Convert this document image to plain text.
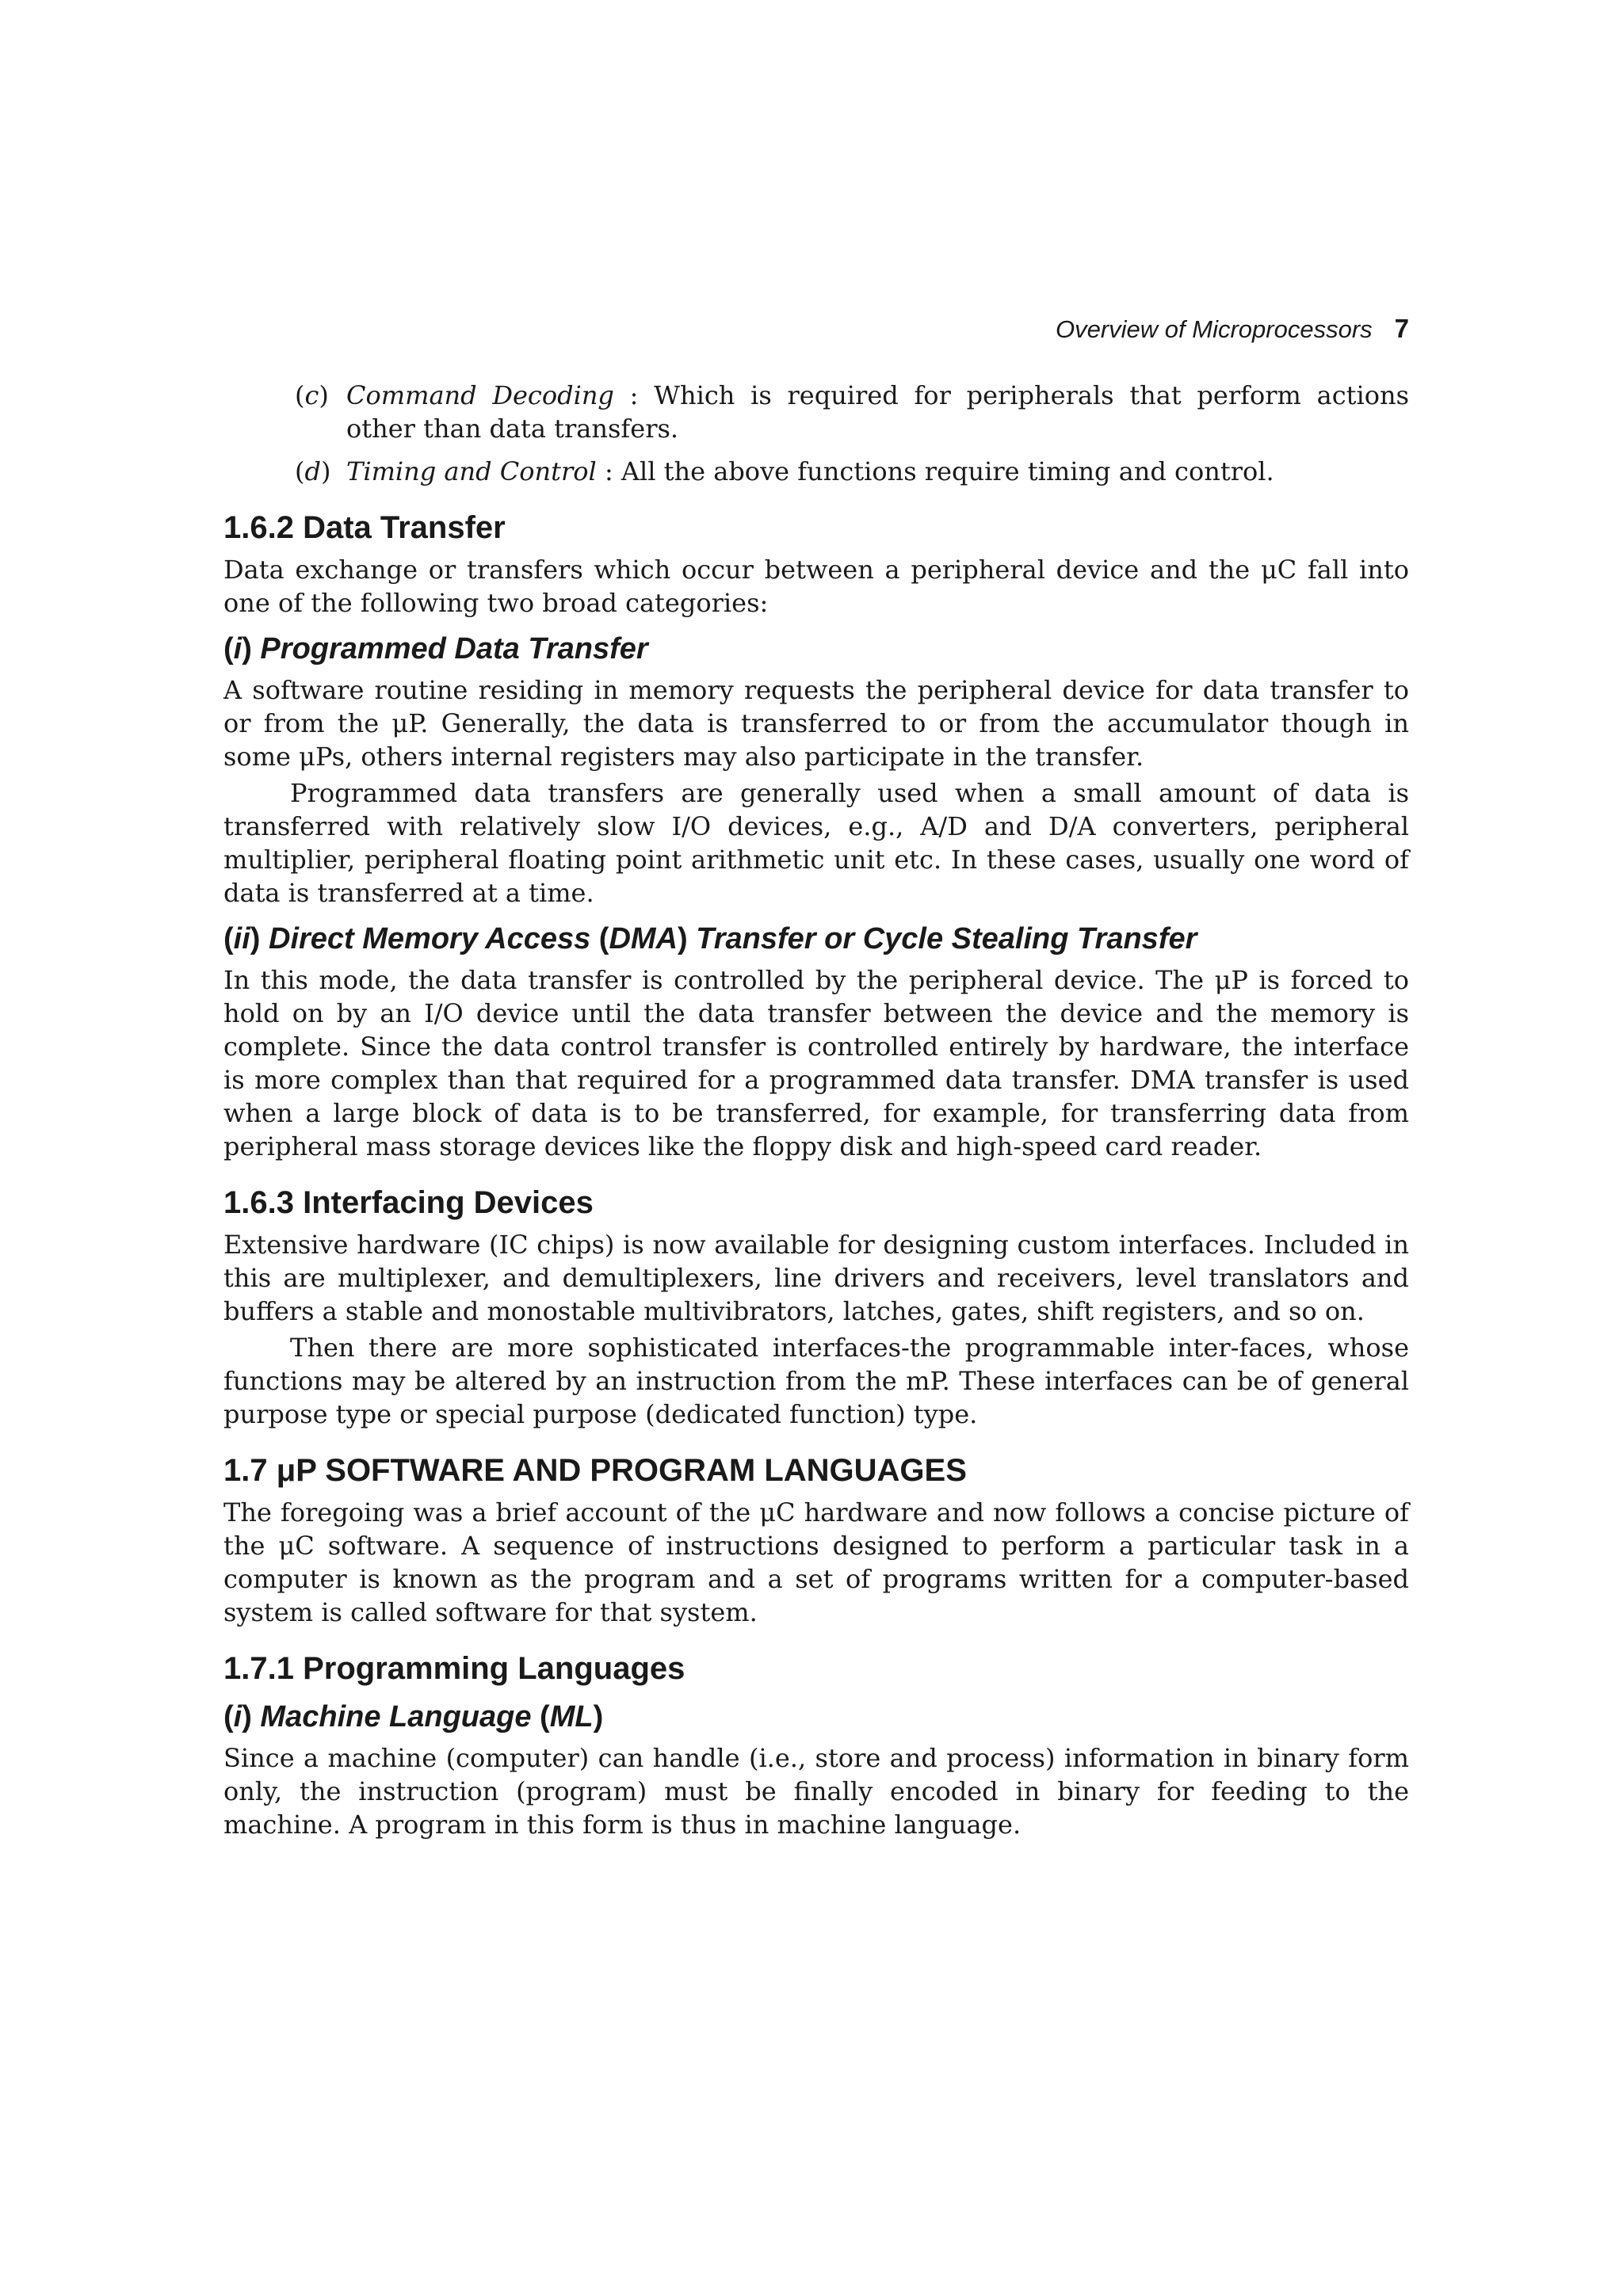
Overview of Microprocessors 7
(c) Command Decoding : Which is required for peripherals that perform actions other than data transfers.
(d) Timing and Control : All the above functions require timing and control.
1.6.2 Data Transfer

Data exchange or transfers which occur between a peripheral device and the μC fall into one of the following two broad categories:

(i) Programmed Data Transfer

A software routine residing in memory requests the peripheral device for data transfer to or from the μP. Generally, the data is transferred to or from the accumulator though in some μPs, others internal registers may also participate in the transfer.

Programmed data transfers are generally used when a small amount of data is transferred with relatively slow I/O devices, e.g., A/D and D/A converters, peripheral multiplier, peripheral floating point arithmetic unit etc. In these cases, usually one word of data is transferred at a time.

(ii) Direct Memory Access (DMA) Transfer or Cycle Stealing Transfer

In this mode, the data transfer is controlled by the peripheral device. The μP is forced to hold on by an I/O device until the data transfer between the device and the memory is complete. Since the data control transfer is controlled entirely by hardware, the interface is more complex than that required for a programmed data transfer. DMA transfer is used when a large block of data is to be transferred, for example, for transferring data from peripheral mass storage devices like the floppy disk and high-speed card reader.

1.6.3 Interfacing Devices

Extensive hardware (IC chips) is now available for designing custom interfaces. Included in this are multiplexer, and demultiplexers, line drivers and receivers, level translators and buffers a stable and monostable multivibrators, latches, gates, shift registers, and so on.

Then there are more sophisticated interfaces-the programmable inter-faces, whose functions may be altered by an instruction from the mP. These interfaces can be of general purpose type or special purpose (dedicated function) type.

1.7 μP SOFTWARE AND PROGRAM LANGUAGES

The foregoing was a brief account of the μC hardware and now follows a concise picture of the μC software. A sequence of instructions designed to perform a particular task in a computer is known as the program and a set of programs written for a computer-based system is called software for that system.

1.7.1 Programming Languages
(i) Machine Language (ML)

Since a machine (computer) can handle (i.e., store and process) information in binary form only, the instruction (program) must be finally encoded in binary for feeding to the machine. A program in this form is thus in machine language.
